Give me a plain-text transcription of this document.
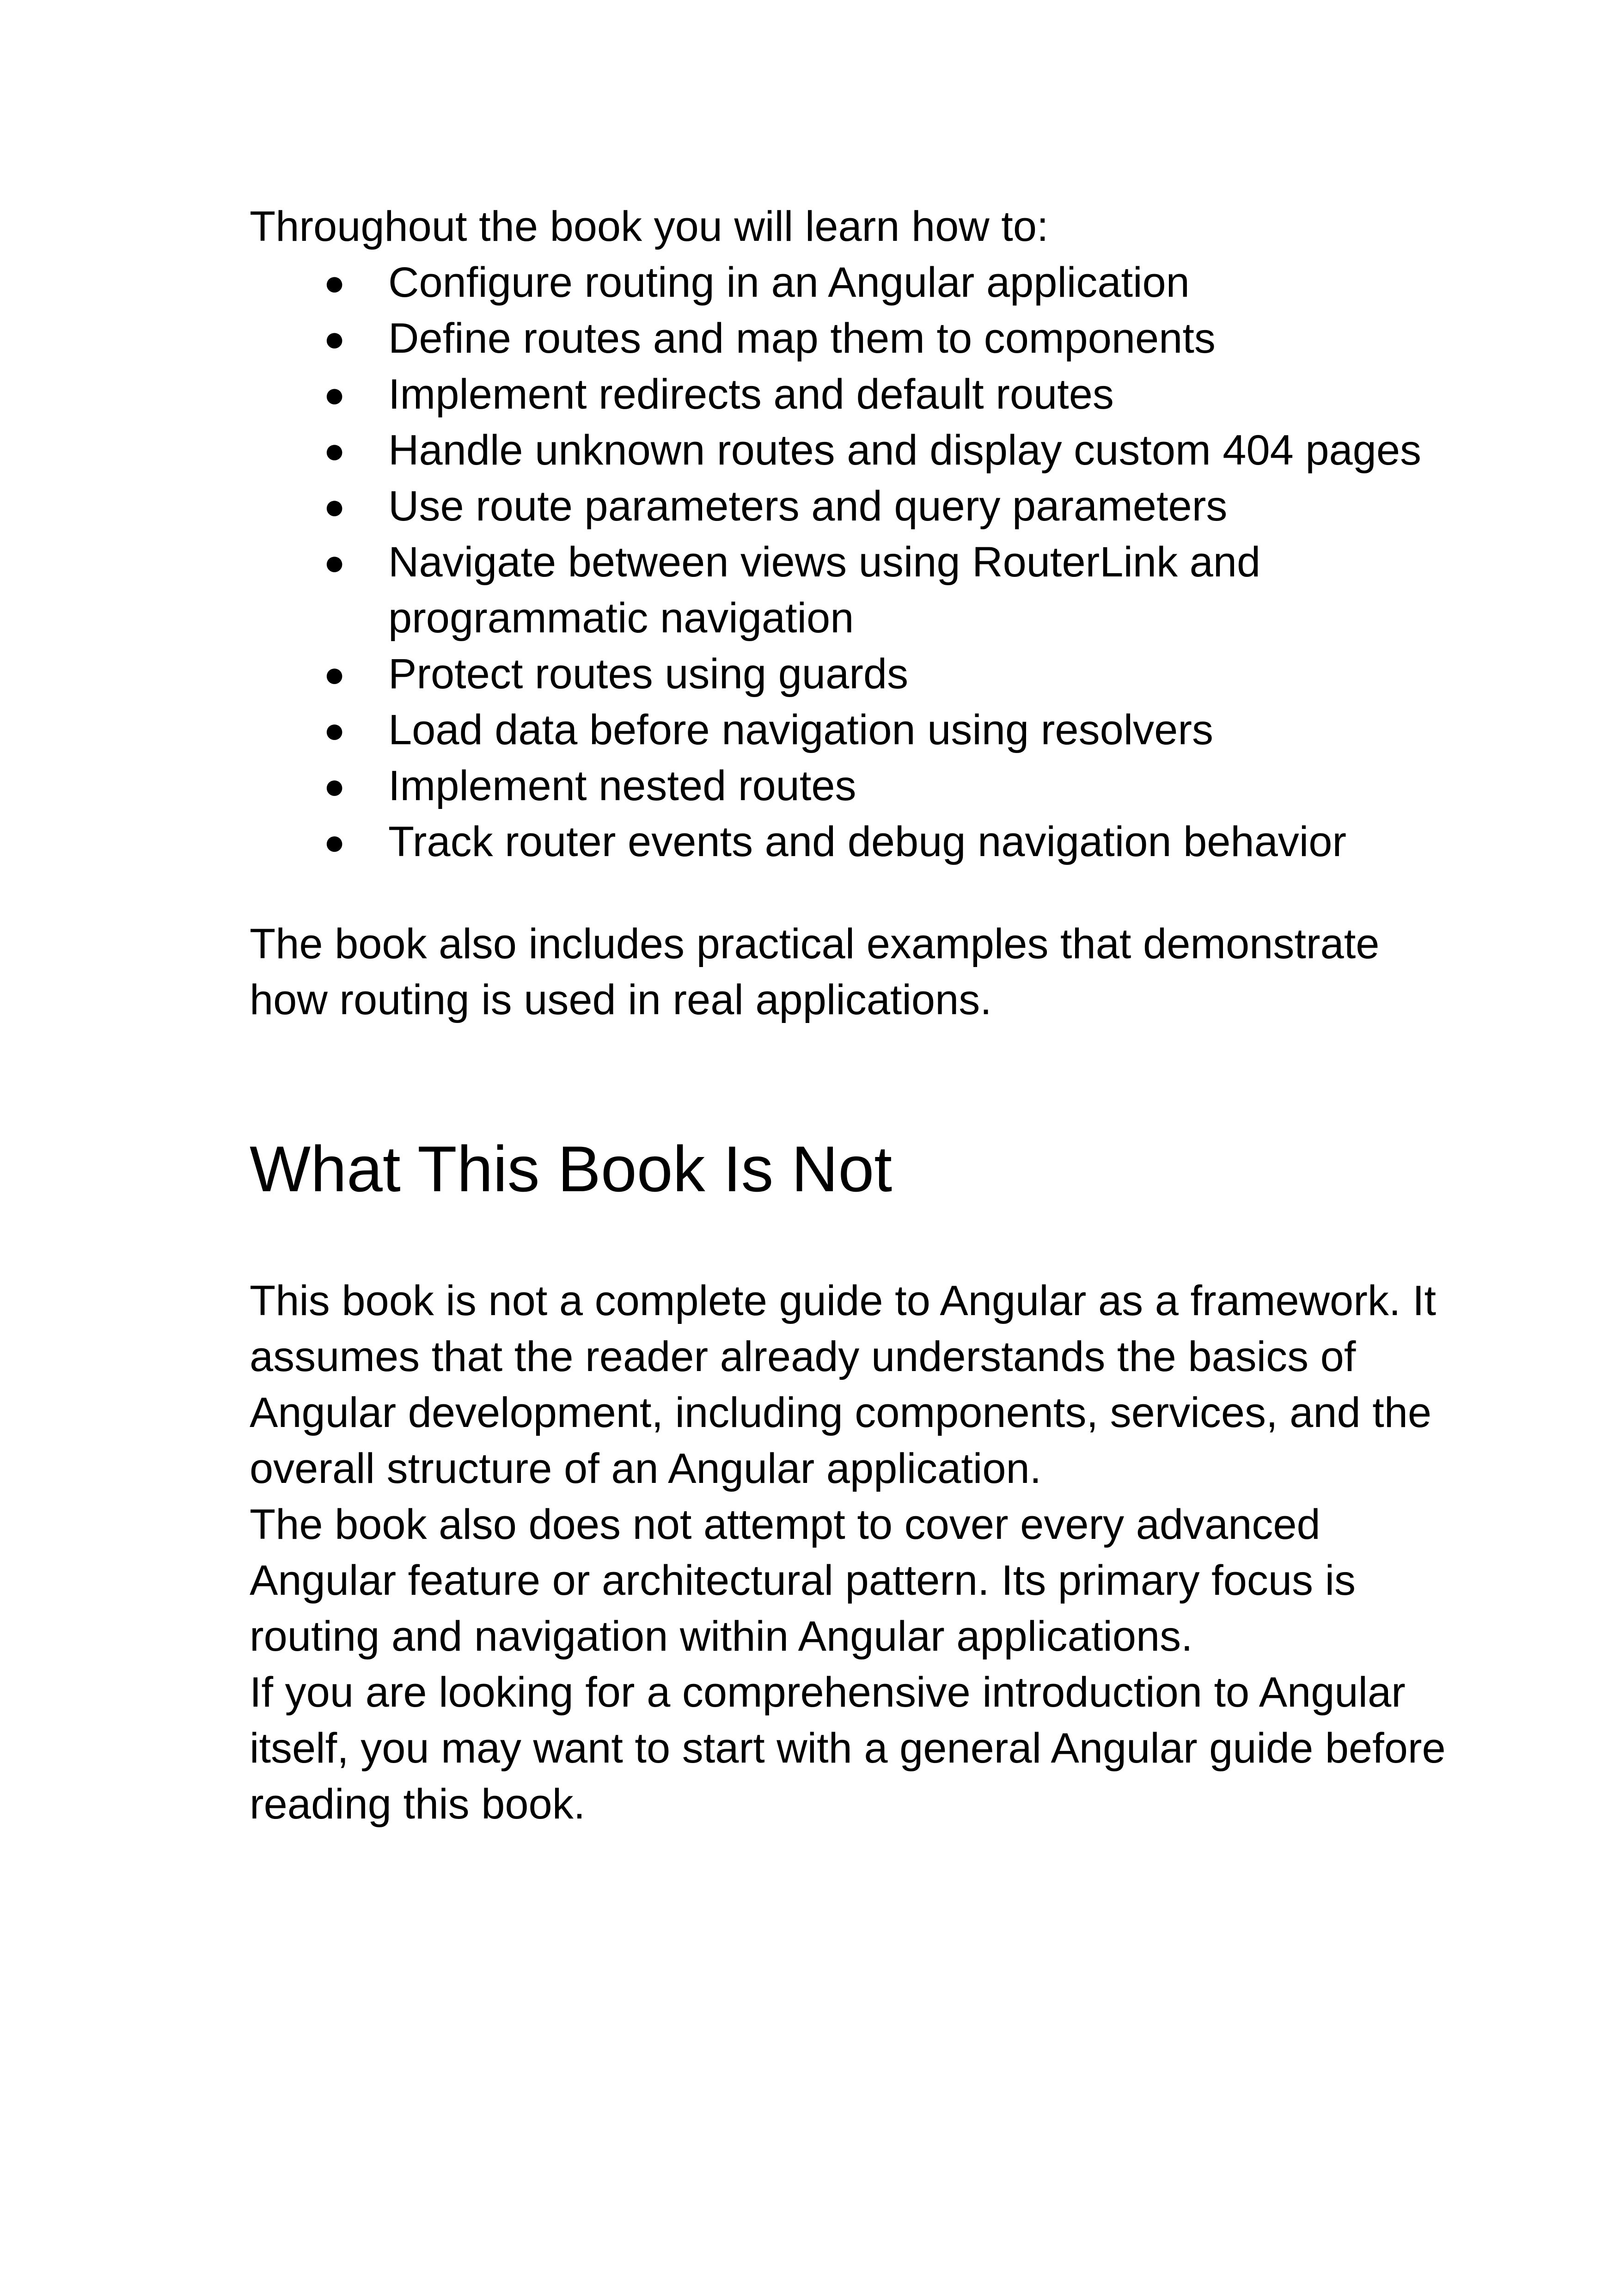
Throughout the book you will learn how to:

● Configure routing in an Angular application
● Define routes and map them to components
● Implement redirects and default routes
● Handle unknown routes and display custom 404 pages
● Use route parameters and query parameters
● Navigate between views using RouterLink and programmatic navigation
● Protect routes using guards
● Load data before navigation using resolvers
● Implement nested routes
● Track router events and debug navigation behavior

The book also includes practical examples that demonstrate how routing is used in real applications.

What This Book Is Not

This book is not a complete guide to Angular as a framework. It assumes that the reader already understands the basics of Angular development, including components, services, and the overall structure of an Angular application.

The book also does not attempt to cover every advanced Angular feature or architectural pattern. Its primary focus is routing and navigation within Angular applications.

If you are looking for a comprehensive introduction to Angular itself, you may want to start with a general Angular guide before reading this book.
